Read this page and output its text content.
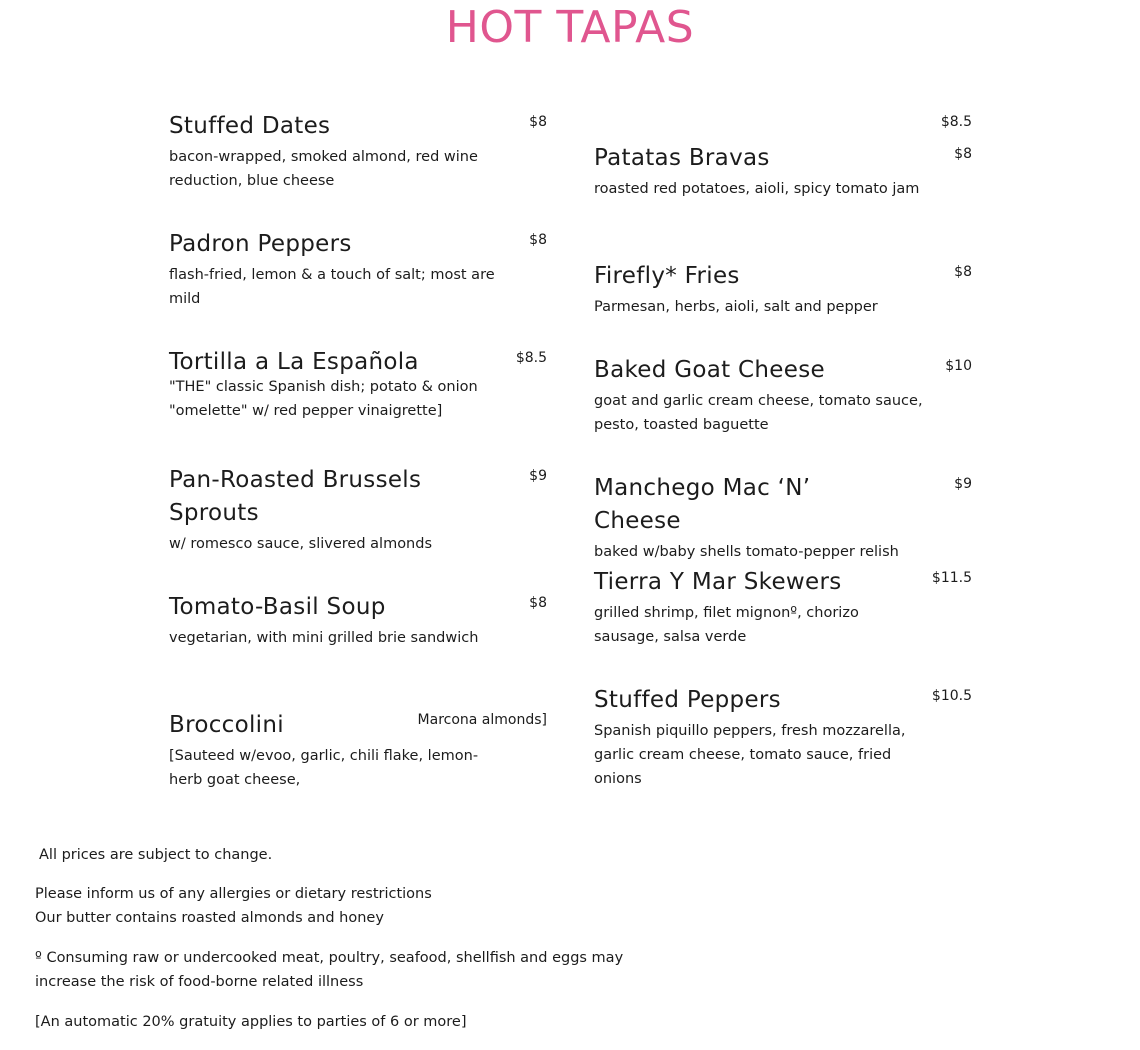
HOT TAPAS
Stuffed Dates	$8
bacon-wrapped, smoked almond, red wine reduction, blue cheese
Padron Peppers	$8
flash-fried, lemon & a touch of salt; most are mild
Tortilla a La Española	$8.5
"THE" classic Spanish dish; potato & onion "omelette" w/ red pepper vinaigrette]
Pan-Roasted Brussels Sprouts
$9
w/ romesco sauce, slivered almonds
Tomato-Basil Soup	$8
vegetarian, with mini grilled brie sandwich
Broccolini	Marcona almonds]
[Sauteed w/evoo, garlic, chili flake, lemon-herb goat cheese,
$8.5
Patatas Bravas	$8
roasted red potatoes, aioli, spicy tomato jam
Firefly* Fries	$8
Parmesan, herbs, aioli, salt and pepper
Baked Goat Cheese	$10
goat and garlic cream cheese, tomato sauce, pesto, toasted baguette
Manchego Mac ‘N’ Cheese
$9
baked w/baby shells tomato-pepper relish
Tierra Y Mar Skewers	$11.5
grilled shrimp, filet mignonº, chorizo sausage, salsa verde
Stuffed Peppers	$10.5
Spanish piquillo peppers, fresh mozzarella, garlic cream cheese, tomato sauce, fried onions

All prices are subject to change.

Please inform us of any allergies or dietary restrictions

Our butter contains roasted almonds and honey

º Consuming raw or undercooked meat, poultry, seafood, shellfish and eggs may

increase the risk of food-borne related illness

[An automatic 20% gratuity applies to parties of 6 or more]
